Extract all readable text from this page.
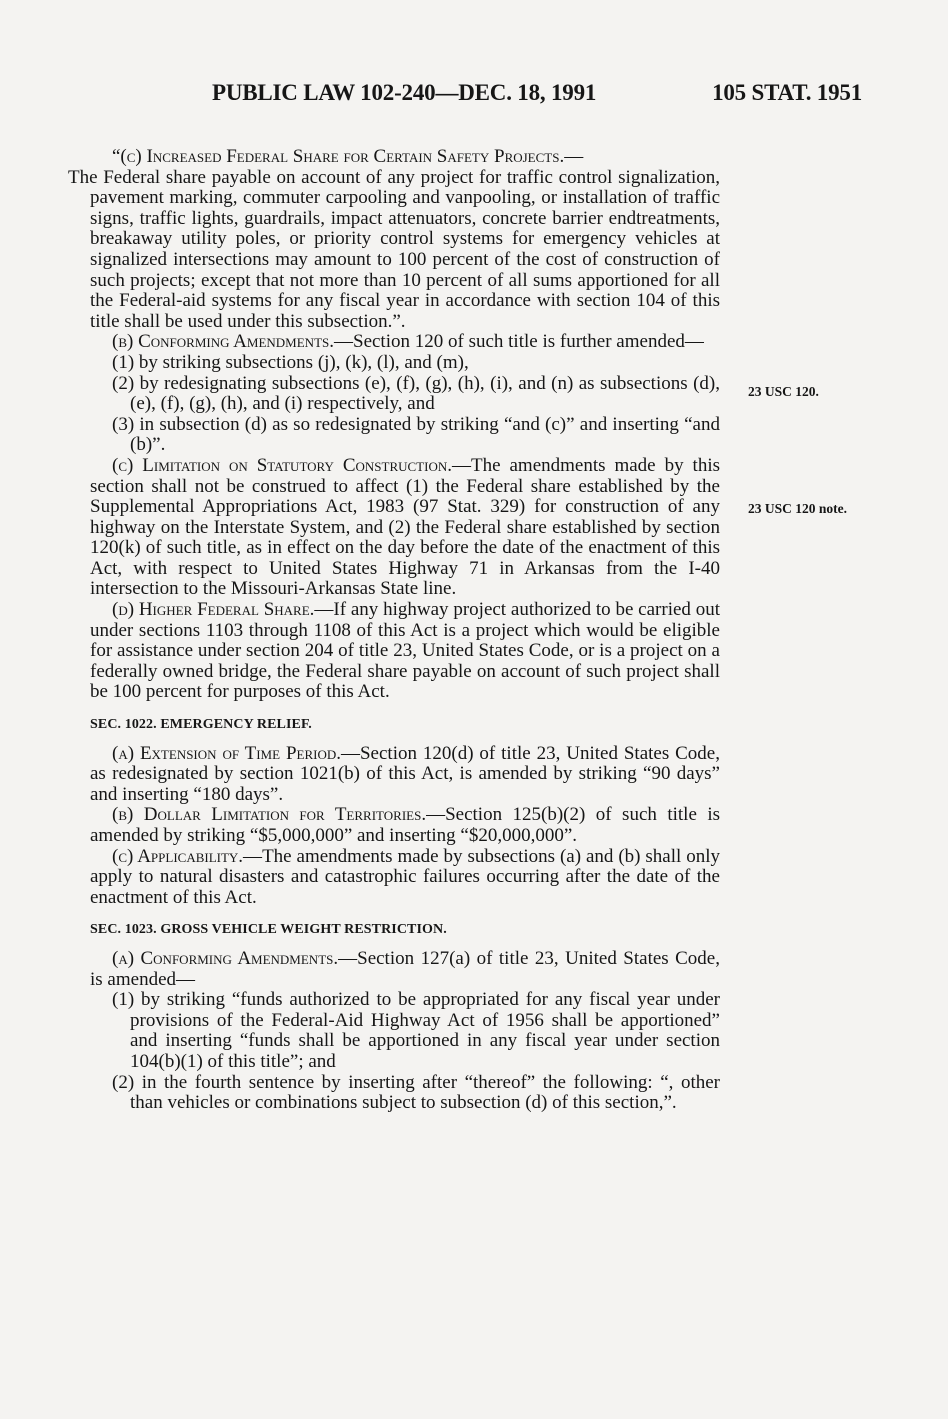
PUBLIC LAW 102-240—DEC. 18, 1991	105 STAT. 1951
23 USC 120.
23 USC 120 note.

“(c) Increased Federal Share for Certain Safety Projects.—
The Federal share payable on account of any project for traffic control signalization, pavement marking, commuter carpooling and vanpooling, or installation of traffic signs, traffic lights, guardrails, impact attenuators, concrete barrier endtreatments, breakaway utility poles, or priority control systems for emergency vehicles at signalized intersections may amount to 100 percent of the cost of construction of such projects; except that not more than 10 percent of all sums apportioned for all the Federal-aid systems for any fiscal year in accordance with section 104 of this title shall be used under this subsection.”.

(b) Conforming Amendments.—Section 120 of such title is further amended—

(1) by striking subsections (j), (k), (l), and (m),

(2) by redesignating subsections (e), (f), (g), (h), (i), and (n) as subsections (d), (e), (f), (g), (h), and (i) respectively, and

(3) in subsection (d) as so redesignated by striking “and (c)” and inserting “and (b)”.

(c) Limitation on Statutory Construction.—The amendments made by this section shall not be construed to affect (1) the Federal share established by the Supplemental Appropriations Act, 1983 (97 Stat. 329) for construction of any highway on the Interstate System, and (2) the Federal share established by section 120(k) of such title, as in effect on the day before the date of the enactment of this Act, with respect to United States Highway 71 in Arkansas from the I-40 intersection to the Missouri-Arkansas State line.

(d) Higher Federal Share.—If any highway project authorized to be carried out under sections 1103 through 1108 of this Act is a project which would be eligible for assistance under section 204 of title 23, United States Code, or is a project on a federally owned bridge, the Federal share payable on account of such project shall be 100 percent for purposes of this Act.

SEC. 1022. EMERGENCY RELIEF.

(a) Extension of Time Period.—Section 120(d) of title 23, United States Code, as redesignated by section 1021(b) of this Act, is amended by striking “90 days” and inserting “180 days”.

(b) Dollar Limitation for Territories.—Section 125(b)(2) of such title is amended by striking “$5,000,000” and inserting “$20,000,000”.

(c) Applicability.—The amendments made by subsections (a) and (b) shall only apply to natural disasters and catastrophic failures occurring after the date of the enactment of this Act.

SEC. 1023. GROSS VEHICLE WEIGHT RESTRICTION.

(a) Conforming Amendments.—Section 127(a) of title 23, United States Code, is amended—

(1) by striking “funds authorized to be appropriated for any fiscal year under provisions of the Federal-Aid Highway Act of 1956 shall be apportioned” and inserting “funds shall be apportioned in any fiscal year under section 104(b)(1) of this title”; and

(2) in the fourth sentence by inserting after “thereof” the following: “, other than vehicles or combinations subject to subsection (d) of this section,”.
